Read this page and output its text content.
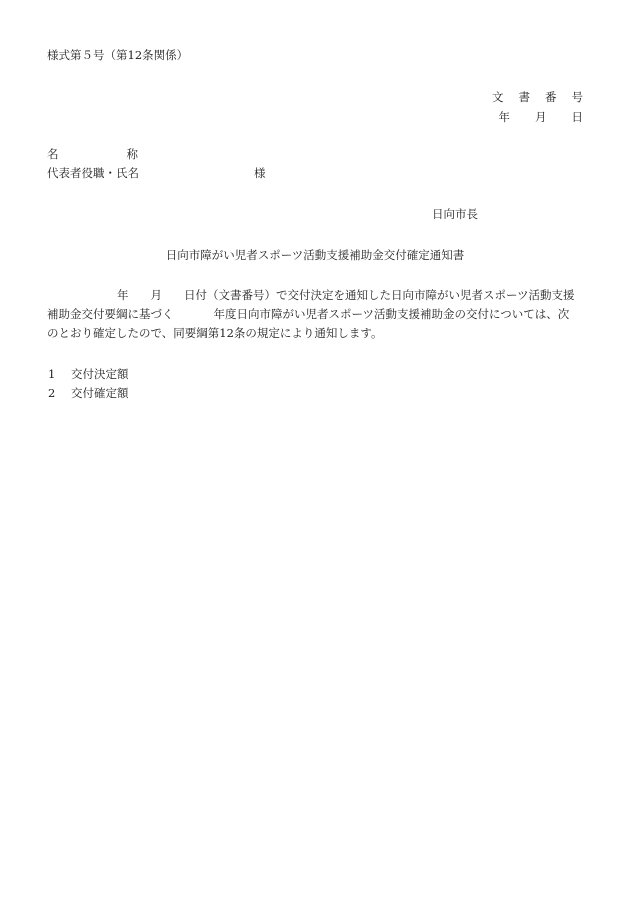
様式第５号（第12条関係）
文 書 番 号
年 月 日
名	称
代表者役職・氏名	様
日向市長
日向市障がい児者スポーツ活動支援補助金交付確定通知書
年 月 日付（文書番号）で交付決定を通知した日向市障がい児者スポーツ活動支援
補助金交付要綱に基づく	年度日向市障がい児者スポーツ活動支援補助金の交付については、次
のとおり確定したので、同要綱第12条の規定により通知します。
1 交付決定額
2 交付確定額
